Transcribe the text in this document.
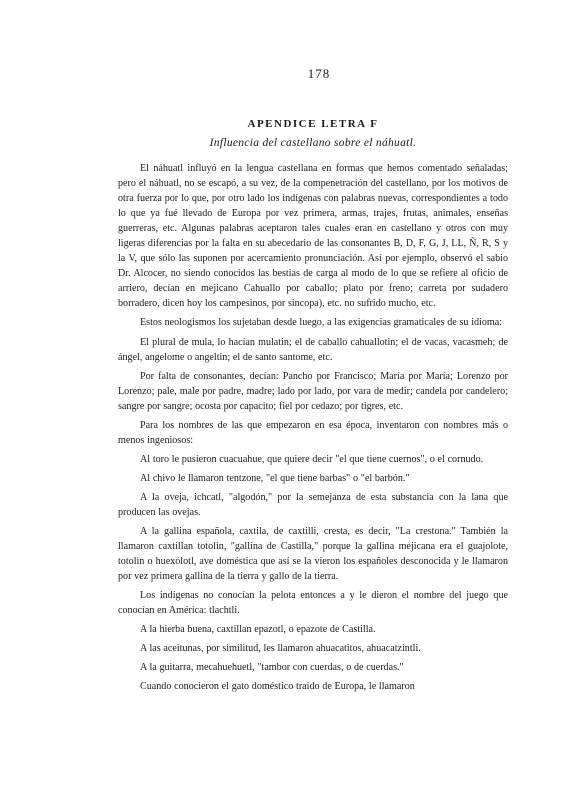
178
APENDICE LETRA F
Influencia del castellano sobre el náhuatl.

El náhuatl influyó en la lengua castellana en formas que hemos comentado señaladas; pero el náhuatl, no se escapó, a su vez, de la compenetración del castellano, por los motivos de otra fuerza por lo que, por otro lado los indígenas con palabras nuevas, correspondientes a todo lo que ya fué llevado de Europa por vez primera, armas, trajes, frutas, animales, enseñas guerreras, etc. Algunas palabras aceptaron tales cuales eran en castellano y otros con muy ligeras diferencias por la falta en su abecedario de las consonantes B, D, F, G, J, LL, Ñ, R, S y la V, que sólo las suponen por acercamiento pronunciación. Así por ejemplo, observó el sabio Dr. Alcocer, no siendo conocidos las bestias de carga al modo de lo que se refiere al oficio de arriero, decían en mejicano Cahuallo por caballo; plato por freno; carreta por sudadero borradero, dicen hoy los campesinos, por sincopa), etc. no sufrido mucho, etc.

Estos neologismos los sujetaban desde luego, a las exigencias gramaticales de su idioma:

El plural de mula, lo hacían mulatin; el de caballo cahuallotin; el de vacas, vacasmeh; de ángel, angelome o angeltin; el de santo santome, etc.

Por falta de consonantes, decían: Pancho por Francisco; María por María; Lorenzo por Lorenzo; pale, male por padre, madre; lado por lado, por vara de medir; candela por candelero; sangre por sangre; ocosta por capacito; fiel por cedazo; por tigres, etc.

Para los nombres de las que empezaron en esa época, inventaron con nombres más o menos ingeniosos:

Al toro le pusieron cuacuahue, que quiere decir "el que tiene cuernos", o el cornudo.

Al chivo le llamaron tentzone, "el que tiene barbas" o "el barbón."

A la oveja, ichcatl, "algodón," por la semejanza de esta substancia con la lana que producen las ovejas.

A la gallina española, caxtila, de caxtilli, cresta, es decir, "La crestona." También la llamaron caxtillan totolin, "gallina de Castilla," porque la gallina mejicana era el guajolote, totolin o huexólotl, ave doméstica que así se la vieron los españoles desconocida y le llamaron por vez primera gallina de la tierra y gallo de la tierra.

Los indígenas no conocían la pelota entonces a y le dieron el nombre del juego que conocían en América: tlachtli.

A la hierba buena, caxtillan epazotl, o epazote de Castilla.

A las aceitunas, por similitud, les llamaron ahuacatitos, ahuacatzintli.

A la guitarra, mecahuehuetl, "tambor con cuerdas, o de cuerdas."

Cuando conocieron el gato doméstico traído de Europa, le llamaron
